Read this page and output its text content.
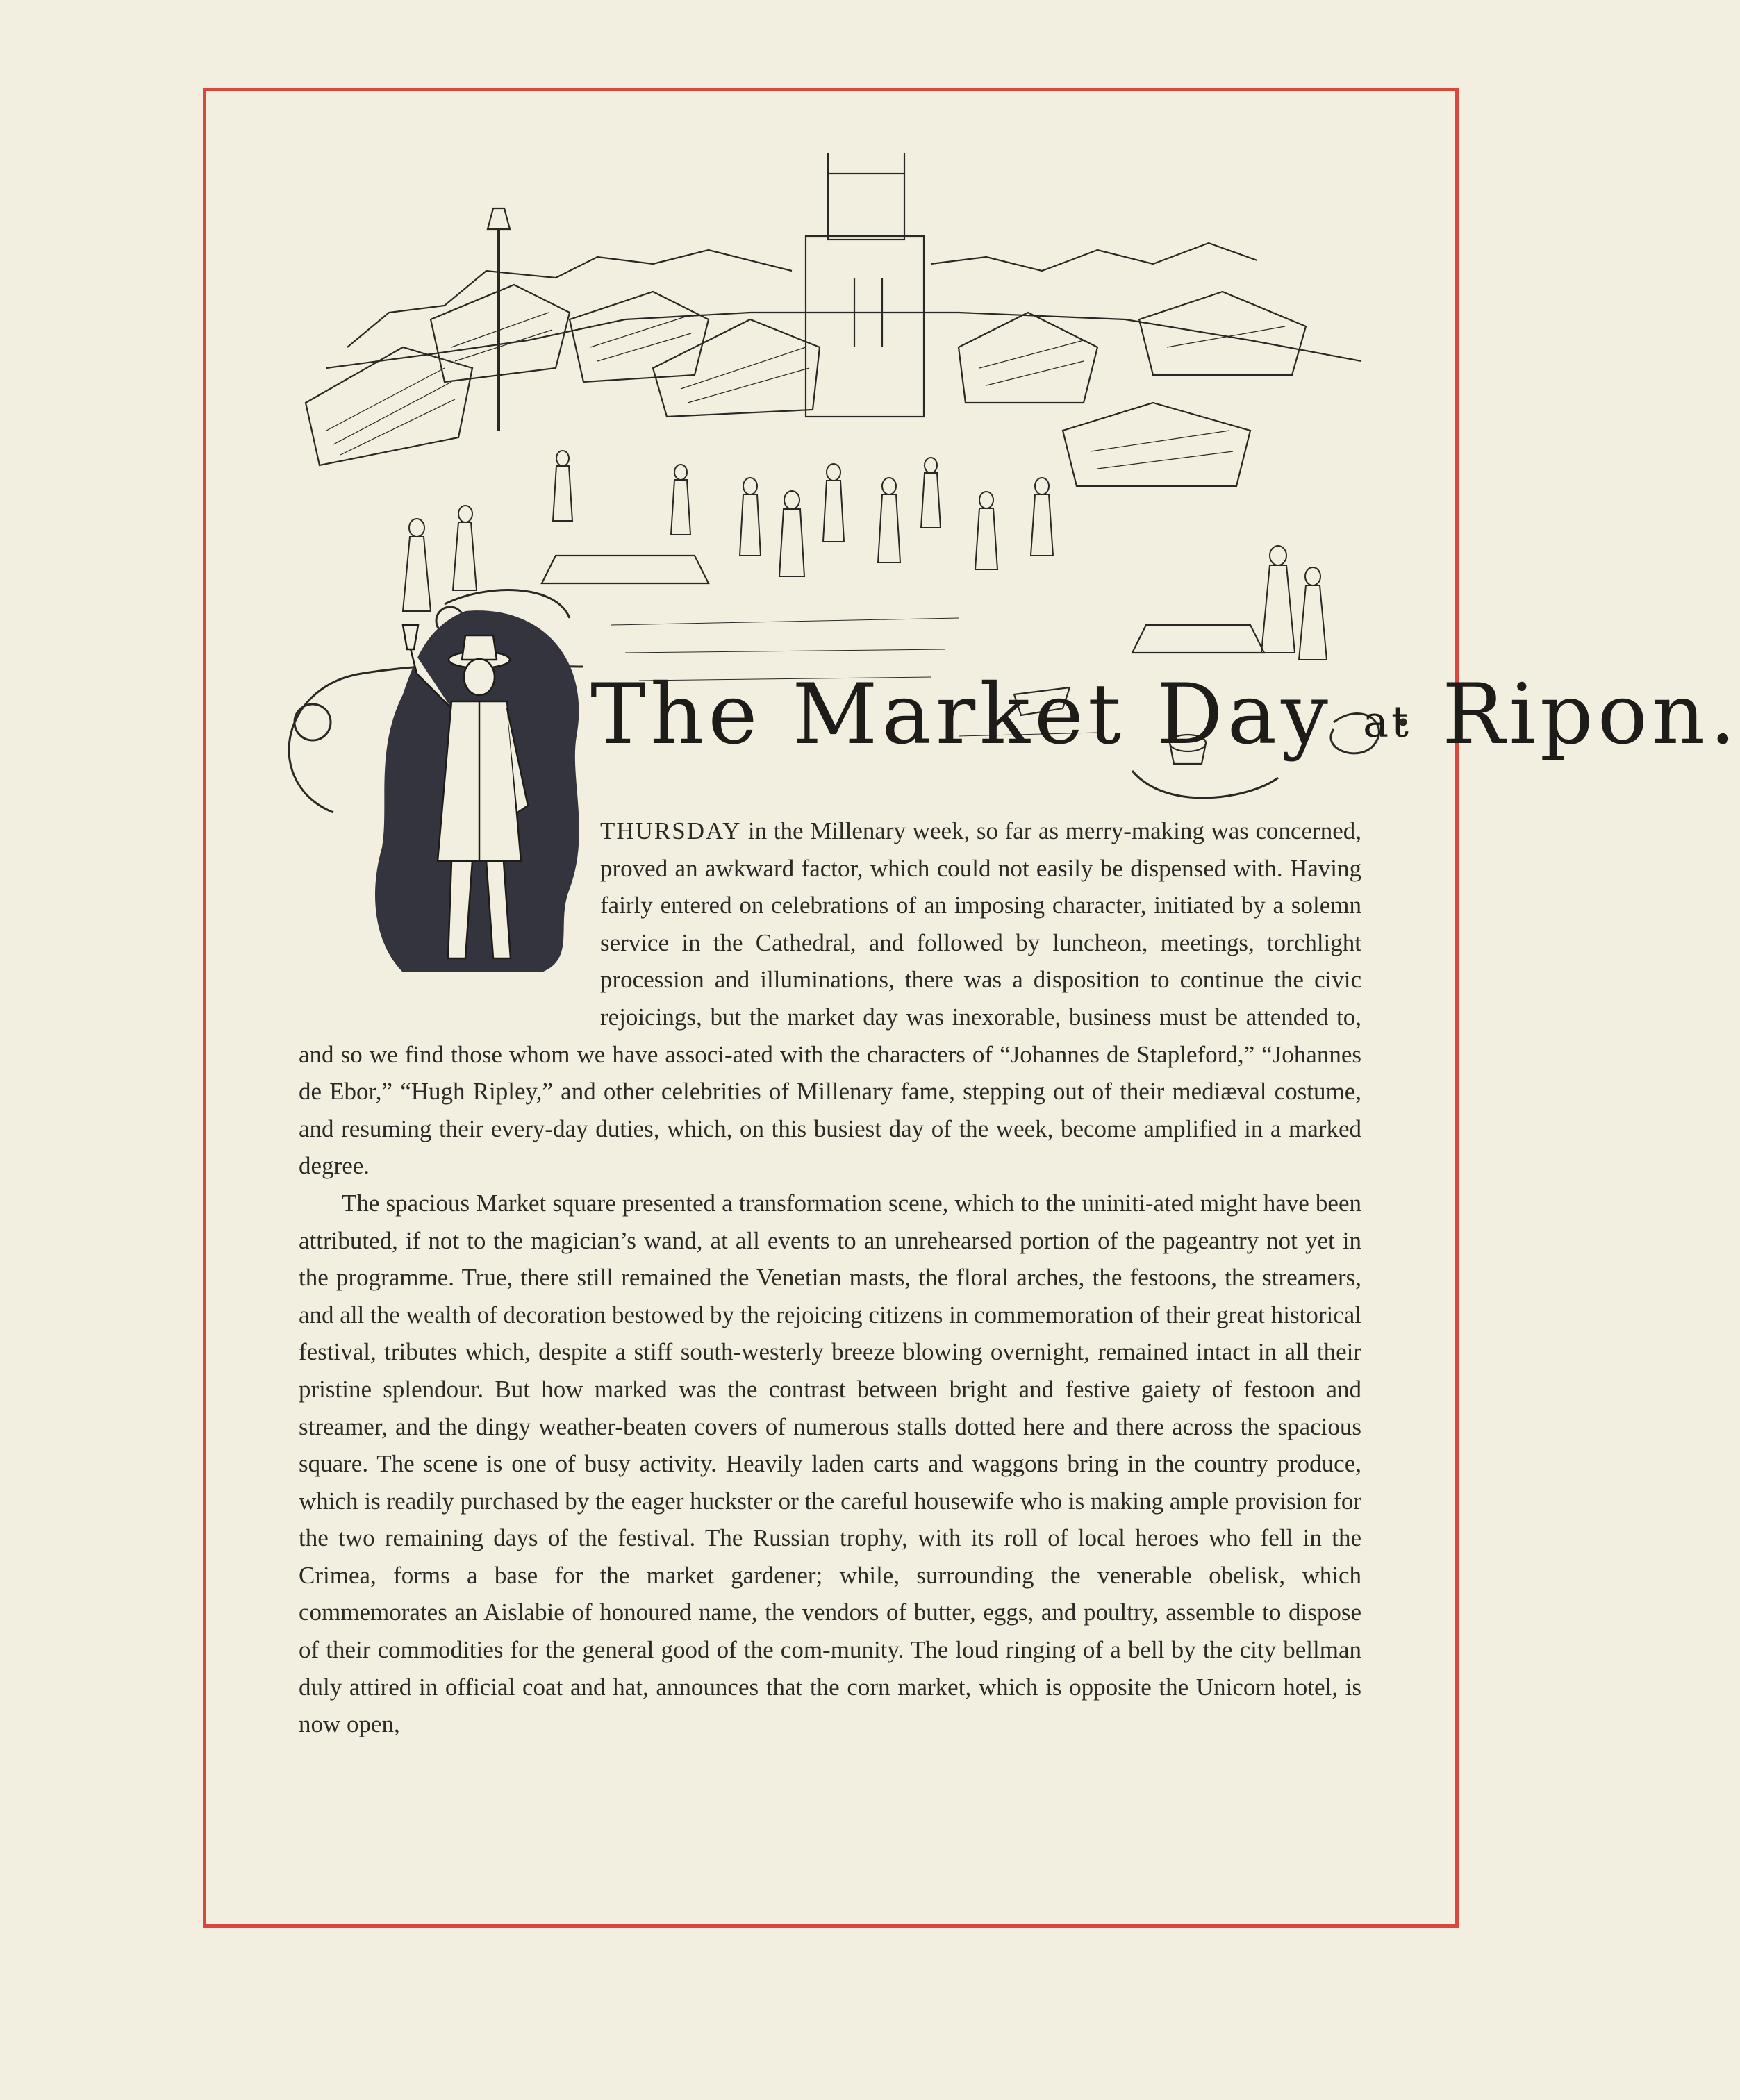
The Market Day at Ripon.

THURSDAY in the Millenary week, so far as merry-making was concerned, proved an awkward factor, which could not easily be dispensed with. Having fairly entered on celebrations of an imposing character, initiated by a solemn service in the Cathedral, and followed by luncheon, meetings, torchlight procession and illuminations, there was a disposition to continue the civic rejoicings, but the market day was inexorable, business must be attended to, and so we find those whom we have associ-ated with the characters of “Johannes de Stapleford,” “Johannes de Ebor,” “Hugh Ripley,” and other celebrities of Millenary fame, stepping out of their mediæval costume, and resuming their every-day duties, which, on this busiest day of the week, become amplified in a marked degree.

The spacious Market square presented a transformation scene, which to the uniniti-ated might have been attributed, if not to the magician’s wand, at all events to an unrehearsed portion of the pageantry not yet in the programme. True, there still remained the Venetian masts, the floral arches, the festoons, the streamers, and all the wealth of decoration bestowed by the rejoicing citizens in commemoration of their great historical festival, tributes which, despite a stiff south-westerly breeze blowing overnight, remained intact in all their pristine splendour. But how marked was the contrast between bright and festive gaiety of festoon and streamer, and the dingy weather-beaten covers of numerous stalls dotted here and there across the spacious square. The scene is one of busy activity. Heavily laden carts and waggons bring in the country produce, which is readily purchased by the eager huckster or the careful housewife who is making ample provision for the two remaining days of the festival. The Russian trophy, with its roll of local heroes who fell in the Crimea, forms a base for the market gardener; while, surrounding the venerable obelisk, which commemorates an Aislabie of honoured name, the vendors of butter, eggs, and poultry, assemble to dispose of their commodities for the general good of the com-munity. The loud ringing of a bell by the city bellman duly attired in official coat and hat, announces that the corn market, which is opposite the Unicorn hotel, is now open,
